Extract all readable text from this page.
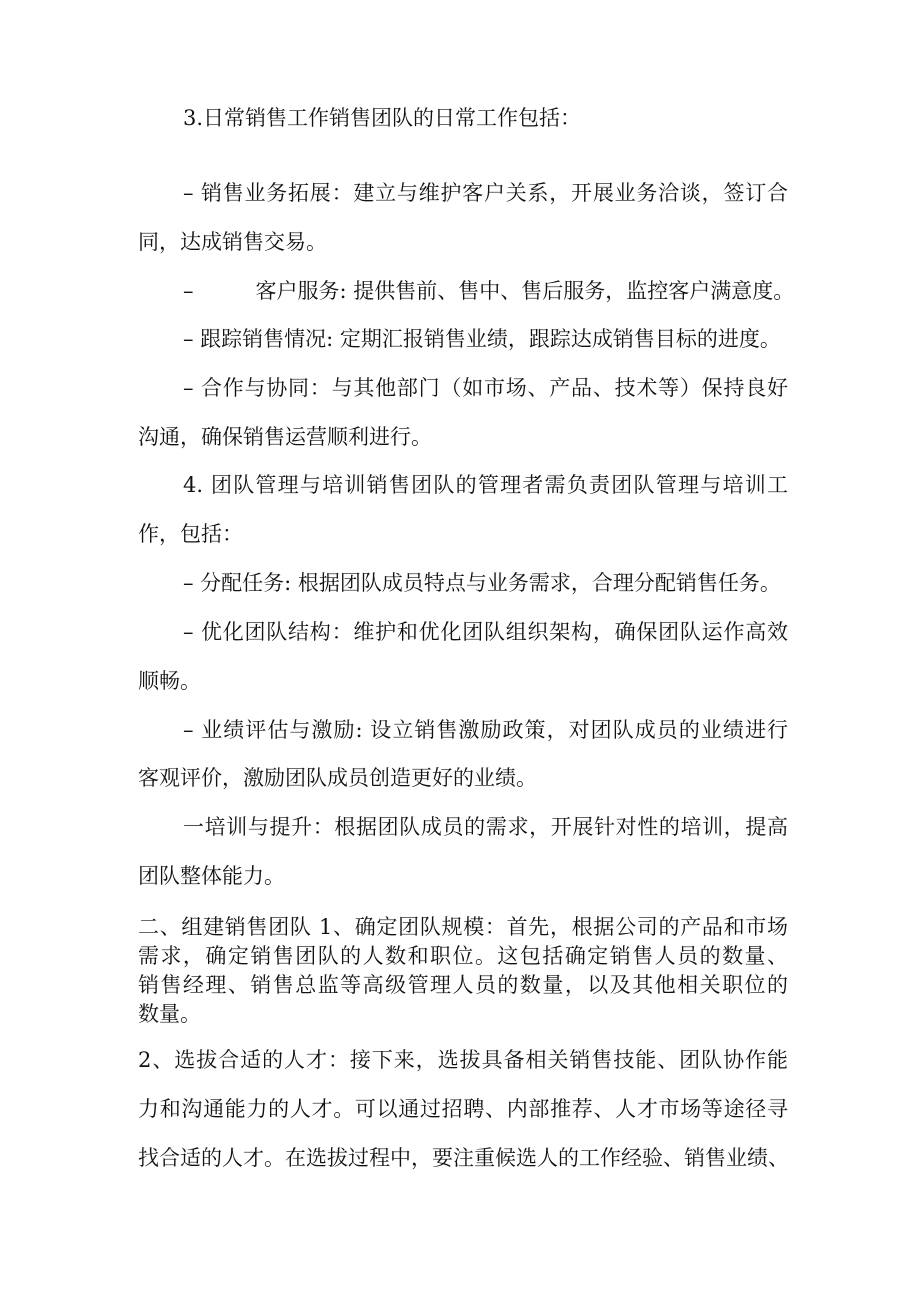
3.日常销售工作销售团队的日常工作包括：
– 销售业务拓展：建立与维护客户关系，开展业务洽谈，签订合
同，达成销售交易。
–	客户服务: 提供售前、售中、售后服务，监控客户满意度。
– 跟踪销售情况: 定期汇报销售业绩，跟踪达成销售目标的进度。
– 合作与协同：与其他部门（如市场、产品、技术等）保持良好
沟通，确保销售运营顺利进行。
4. 团队管理与培训销售团队的管理者需负责团队管理与培训工
作，包括：
– 分配任务: 根据团队成员特点与业务需求，合理分配销售任务。
– 优化团队结构：维护和优化团队组织架构，确保团队运作高效
顺畅。
– 业绩评估与激励: 设立销售激励政策，对团队成员的业绩进行
客观评价，激励团队成员创造更好的业绩。
一培训与提升：根据团队成员的需求，开展针对性的培训，提高
团队整体能力。
二、组建销售团队 1、确定团队规模：首先，根据公司的产品和市场
需求，确定销售团队的人数和职位。这包括确定销售人员的数量、
销售经理、销售总监等高级管理人员的数量，以及其他相关职位的
数量。
2、选拔合适的人才：接下来，选拔具备相关销售技能、团队协作能
力和沟通能力的人才。可以通过招聘、内部推荐、人才市场等途径寻
找合适的人才。在选拔过程中，要注重候选人的工作经验、销售业绩、
